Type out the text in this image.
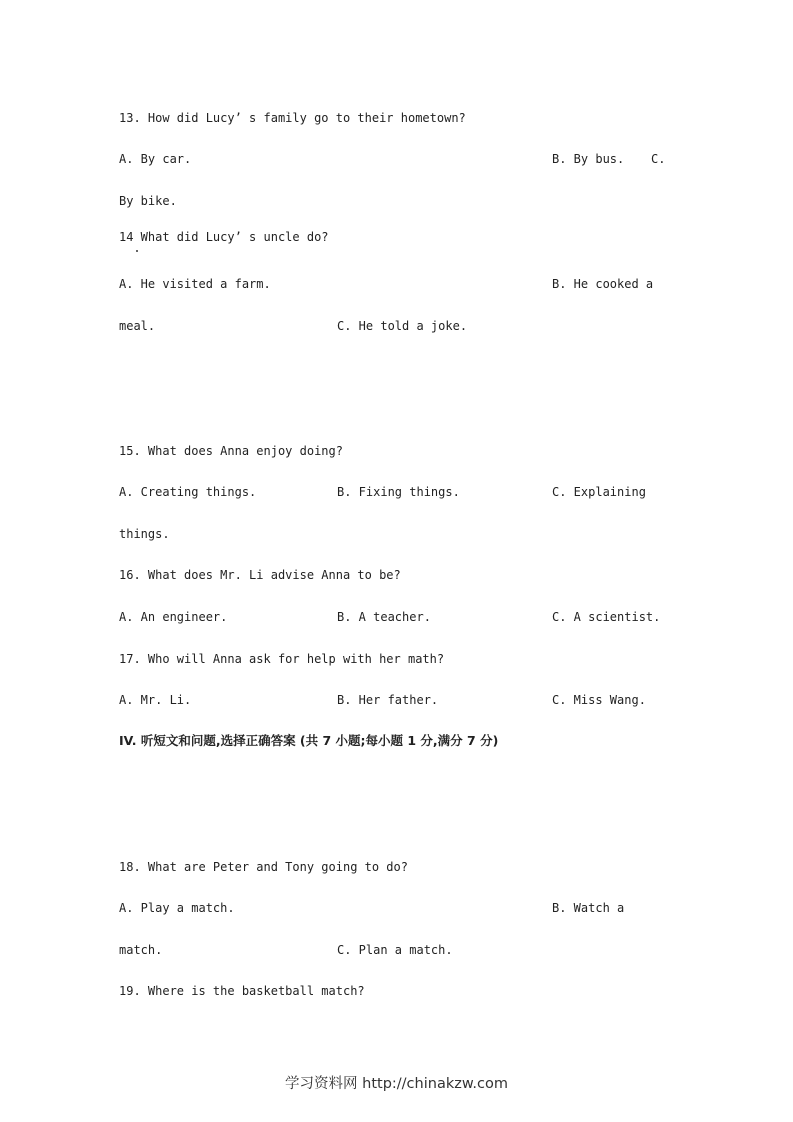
13. How did Lucy’ s family go to their hometown?
A. By car.	B. By bus. C.
By bike.
14 What did Lucy’ s uncle do?
A. He visited a farm.	B. He cooked a
meal.	C. He told a joke.
15. What does Anna enjoy doing?
A. Creating things.	B. Fixing things.	C. Explaining
things.
16. What does Mr. Li advise Anna to be?
A. An engineer.	B. A teacher.	C. A scientist.
17. Who will Anna ask for help with her math?
A. Mr. Li.	B. Her father.	C. Miss Wang.
IV. 听短文和问题,选择正确答案 (共 7 小题;每小题 1 分,满分 7 分)
18. What are Peter and Tony going to do?
A. Play a match.	B. Watch a
match.	C. Plan a match.
19. Where is the basketball match?
学习资料网 http://chinakzw.com
